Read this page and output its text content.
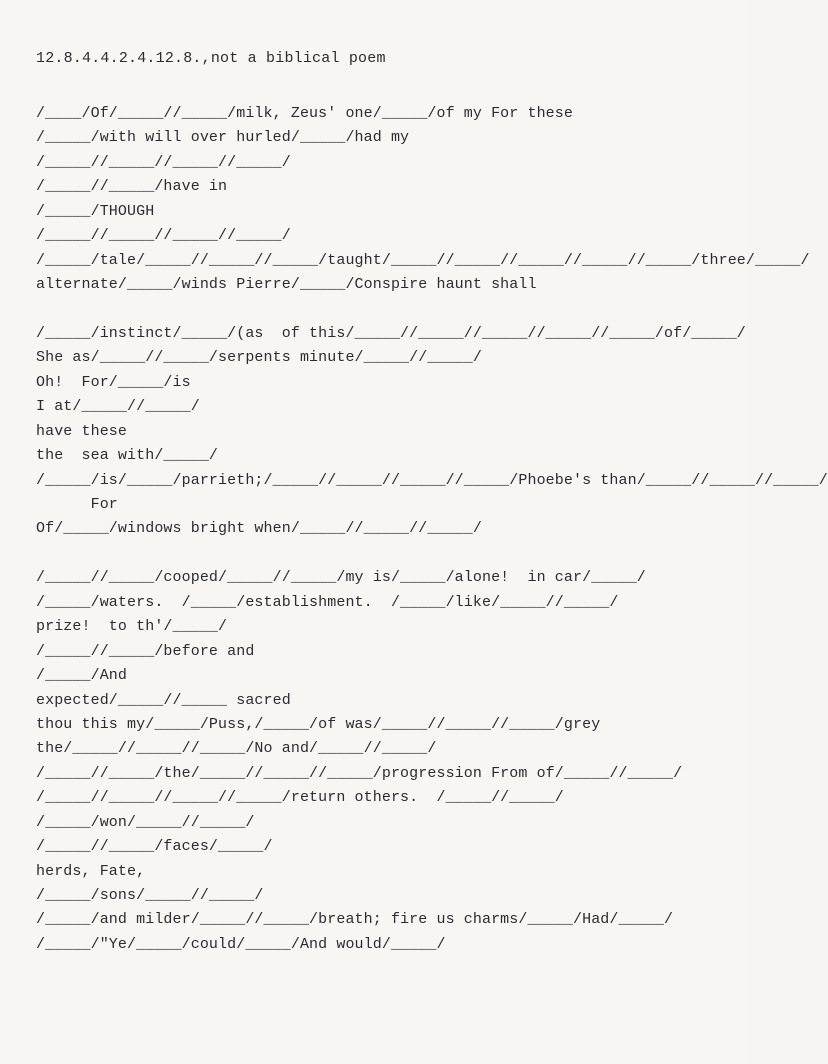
12.8.4.4.2.4.12.8.,not a biblical poem
/____/Of/_____//_____/milk, Zeus' one/_____/of my For these
/_____/with will over hurled/_____/had my
/_____//_____//_____//_____/
/_____//_____/have in
/_____/THOUGH
/_____//_____//_____//_____/
/_____/tale/_____//_____//_____/taught/_____//_____//_____//_____//_____/three/_____/
alternate/_____/winds Pierre/_____/Conspire haunt shall

/_____/instinct/_____/(as  of this/_____//_____//_____//_____//_____/of/_____/
She as/_____//_____/serpents minute/_____//_____/
Oh!  For/_____/is
I at/_____//_____/
have these
the  sea with/_____/
/_____/is/_____/parrieth;/_____//_____//_____//_____/Phoebe's than/_____//_____//_____/
For
Of/_____/windows bright when/_____//_____//_____/

/_____//_____/cooped/_____//_____/my is/_____/alone!  in car/_____/
/_____/waters.  /_____/establishment.  /_____/like/_____//_____/
prize!  to th'/_____/
/_____//_____/before and
/_____/And
expected/_____//_____ sacred
thou this my/_____/Puss,/_____/of was/_____//_____//_____/grey
the/_____//_____//_____/No and/_____//_____/
/_____//_____/the/_____//_____//_____/progression From of/_____//_____/
/_____//_____//_____//_____/return others.  /_____//_____/
/_____/won/_____//_____/
/_____//_____/faces/_____/
herds, Fate,
/_____/sons/_____//_____/
/_____/and milder/_____//_____/breath; fire us charms/_____/Had/_____/
/_____/"Ye/_____/could/_____/And would/_____/
